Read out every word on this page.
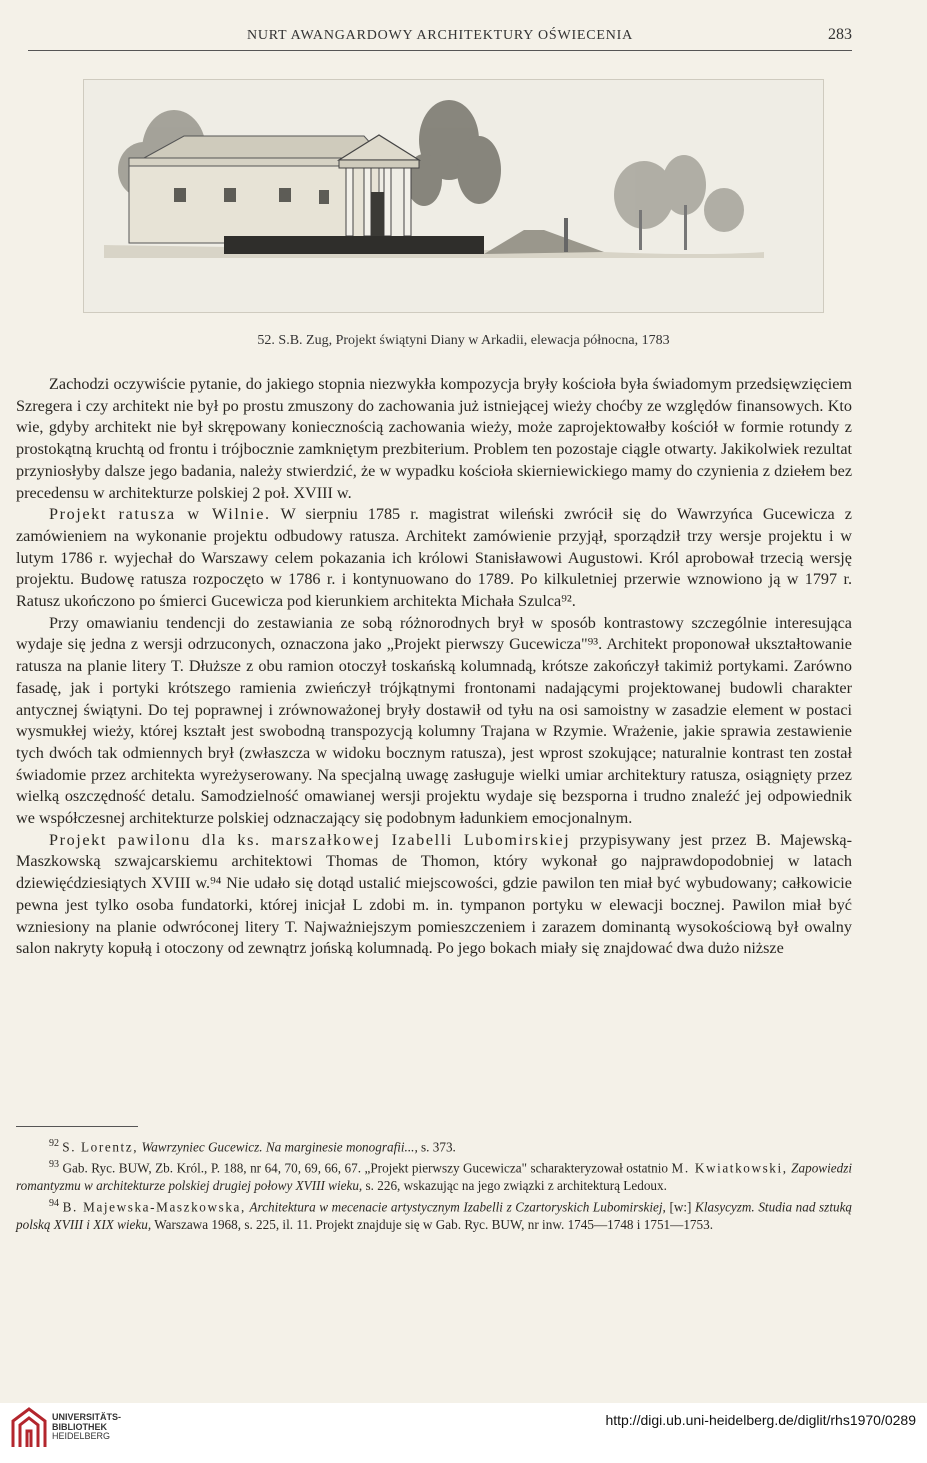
NURT AWANGARDOWY ARCHITEKTURY OŚWIECENIA	283
52. S.B. Zug, Projekt świątyni Diany w Arkadii, elewacja północna, 1783

Zachodzi oczywiście pytanie, do jakiego stopnia niezwykła kompozycja bryły kościoła była świadomym przedsięwzięciem Szregera i czy architekt nie był po prostu zmuszony do zachowania już istniejącej wieży choćby ze względów finansowych. Kto wie, gdyby architekt nie był skrępowany koniecznością zachowania wieży, może zaprojektowałby kościół w formie rotundy z prostokątną kruchtą od frontu i trójbocznie zamkniętym prezbiterium. Problem ten pozostaje ciągle otwarty. Jakikolwiek rezultat przyniosłyby dalsze jego badania, należy stwierdzić, że w wypadku kościoła skierniewickiego mamy do czynienia z dziełem bez precedensu w architekturze polskiej 2 poł. XVIII w.

Projekt ratusza w Wilnie. W sierpniu 1785 r. magistrat wileński zwrócił się do Wawrzyńca Gucewicza z zamówieniem na wykonanie projektu odbudowy ratusza. Architekt zamówienie przyjął, sporządził trzy wersje projektu i w lutym 1786 r. wyjechał do Warszawy celem pokazania ich królowi Stanisławowi Augustowi. Król aprobował trzecią wersję projektu. Budowę ratusza rozpoczęto w 1786 r. i kontynuowano do 1789. Po kilkuletniej przerwie wznowiono ją w 1797 r. Ratusz ukończono po śmierci Gucewicza pod kierunkiem architekta Michała Szulca⁹².

Przy omawianiu tendencji do zestawiania ze sobą różnorodnych brył w sposób kontrastowy szczególnie interesująca wydaje się jedna z wersji odrzuconych, oznaczona jako „Projekt pierwszy Gucewicza"⁹³. Architekt proponował ukształtowanie ratusza na planie litery T. Dłuższe z obu ramion otoczył toskańską kolumnadą, krótsze zakończył takimiż portykami. Zarówno fasadę, jak i portyki krótszego ramienia zwieńczył trójkątnymi frontonami nadającymi projektowanej budowli charakter antycznej świątyni. Do tej poprawnej i zrównoważonej bryły dostawił od tyłu na osi samoistny w zasadzie element w postaci wysmukłej wieży, której kształt jest swobodną transpozycją kolumny Trajana w Rzymie. Wrażenie, jakie sprawia zestawienie tych dwóch tak odmiennych brył (zwłaszcza w widoku bocznym ratusza), jest wprost szokujące; naturalnie kontrast ten został świadomie przez architekta wyreżyserowany. Na specjalną uwagę zasługuje wielki umiar architektury ratusza, osiągnięty przez wielką oszczędność detalu. Samodzielność omawianej wersji projektu wydaje się bezsporna i trudno znaleźć jej odpowiednik we współczesnej architekturze polskiej odznaczający się podobnym ładunkiem emocjonalnym.

Projekt pawilonu dla ks. marszałkowej Izabelli Lubomirskiej przypisywany jest przez B. Majewską-Maszkowską szwajcarskiemu architektowi Thomas de Thomon, który wykonał go najprawdopodobniej w latach dziewięćdziesiątych XVIII w.⁹⁴ Nie udało się dotąd ustalić miejscowości, gdzie pawilon ten miał być wybudowany; całkowicie pewna jest tylko osoba fundatorki, której inicjał L zdobi m. in. tympanon portyku w elewacji bocznej. Pawilon miał być wzniesiony na planie odwróconej litery T. Najważniejszym pomieszczeniem i zarazem dominantą wysokościową był owalny salon nakryty kopułą i otoczony od zewnątrz jońską kolumnadą. Po jego bokach miały się znajdować dwa dużo niższe

$^{92}$ S. Lorentz, Wawrzyniec Gucewicz. Na marginesie monografii..., s. 373.

$^{93}$ Gab. Ryc. BUW, Zb. Król., P. 188, nr 64, 70, 69, 66, 67. „Projekt pierwszy Gucewicza" scharakteryzował ostatnio M. Kwiatkowski, Zapowiedzi romantyzmu w architekturze polskiej drugiej połowy XVIII wieku, s. 226, wskazując na jego związki z architekturą Ledoux.

$^{94}$ B. Majewska-Maszkowska, Architektura w mecenacie artystycznym Izabelli z Czartoryskich Lubomirskiej, [w:] Klasycyzm. Studia nad sztuką polską XVIII i XIX wieku, Warszawa 1968, s. 225, il. 11. Projekt znajduje się w Gab. Ryc. BUW, nr inw. 1745—1748 i 1751—1753.

UNIVERSITÄTS-
BIBLIOTHEK
HEIDELBERG
http://digi.ub.uni-heidelberg.de/diglit/rhs1970/0289
